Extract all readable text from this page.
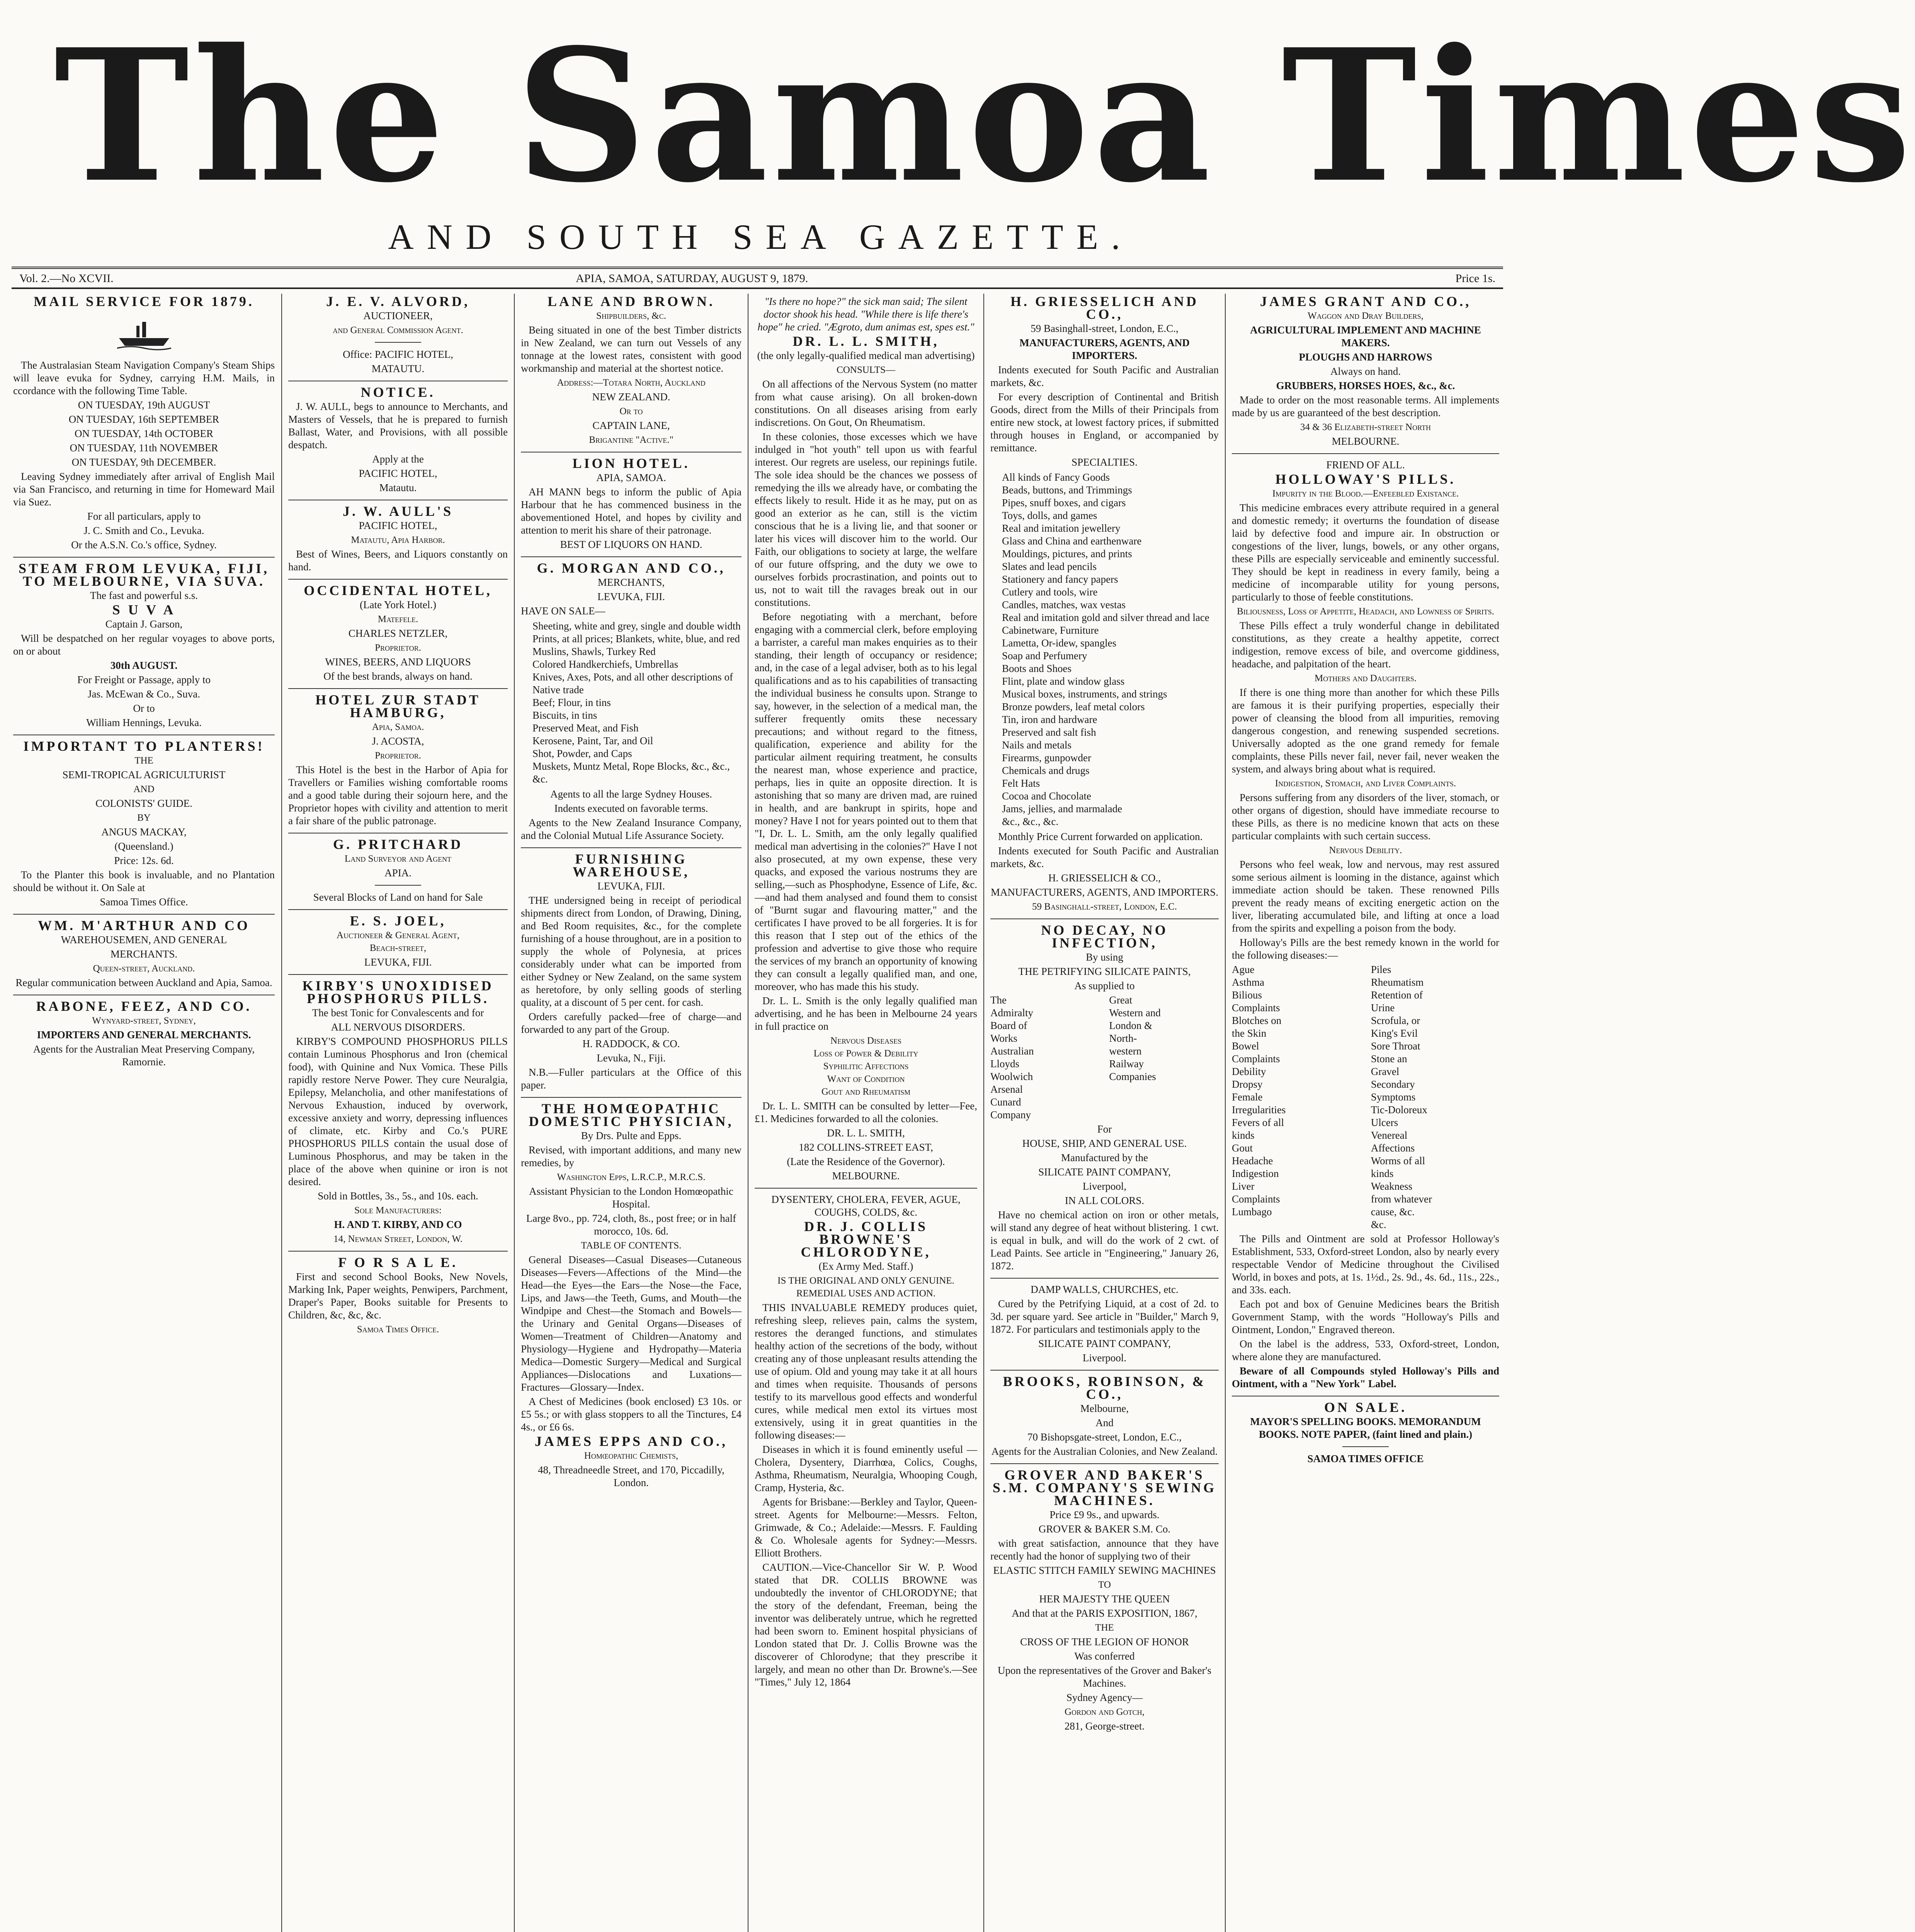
The Samoa Times
AND SOUTH SEA GAZETTE.
Vol. 2.—No XCVII.	APIA, SAMOA, SATURDAY, AUGUST 9, 1879.	Price 1s.
MAIL SERVICE FOR 1879.
The Australasian Steam Navigation Company's Steam Ships will leave evuka for Sydney, carrying H.M. Mails, in ccordance with the following Time Table.
ON TUESDAY, 19th AUGUST
ON TUESDAY, 16th SEPTEMBER
ON TUESDAY, 14th OCTOBER
ON TUESDAY, 11th NOVEMBER
ON TUESDAY, 9th DECEMBER.
Leaving Sydney immediately after arrival of English Mail via San Francisco, and returning in time for Homeward Mail via Suez.
For all particulars, apply to
J. C. Smith and Co., Levuka.
Or the A.S.N. Co.'s office, Sydney.
STEAM FROM LEVUKA, FIJI, TO MELBOURNE, VIA SUVA.
The fast and powerful s.s.
S U V A
Captain J. Garson,
Will be despatched on her regular voyages to above ports, on or about
30th AUGUST.
For Freight or Passage, apply to
Jas. McEwan & Co., Suva.
Or to
William Hennings, Levuka.
IMPORTANT TO PLANTERS!
THE
SEMI-TROPICAL AGRICULTURIST
AND
COLONISTS' GUIDE.
BY
ANGUS MACKAY,
(Queensland.)
Price: 12s. 6d.
To the Planter this book is invaluable, and no Plantation should be without it. On Sale at
Samoa Times Office.
WM. M'ARTHUR AND CO
WAREHOUSEMEN, AND GENERAL
MERCHANTS.
Queen-street, Auckland.
Regular communication between Auckland and Apia, Samoa.
RABONE, FEEZ, AND CO.
Wynyard-street, Sydney,
IMPORTERS AND GENERAL MERCHANTS.
Agents for the Australian Meat Preserving Company, Ramornie.
J. E. V. ALVORD,
AUCTIONEER,
and General Commission Agent.
Office: PACIFIC HOTEL,
MATAUTU.
NOTICE.
J. W. AULL, begs to announce to Merchants, and Masters of Vessels, that he is prepared to furnish Ballast, Water, and Provisions, with all possible despatch.
Apply at the
PACIFIC HOTEL,
Matautu.
J. W. AULL'S
PACIFIC HOTEL,
Matautu, Apia Harbor.
Best of Wines, Beers, and Liquors constantly on hand.
OCCIDENTAL HOTEL,
(Late York Hotel.)
Matefele.
CHARLES NETZLER,
Proprietor.
WINES, BEERS, AND LIQUORS
Of the best brands, always on hand.
HOTEL ZUR STADT HAMBURG,
Apia, Samoa.
J. ACOSTA,
Proprietor.
This Hotel is the best in the Harbor of Apia for Travellers or Families wishing comfortable rooms and a good table during their sojourn here, and the Proprietor hopes with civility and attention to merit a fair share of the public patronage.
G. PRITCHARD
Land Surveyor and Agent
APIA.
Several Blocks of Land on hand for Sale
E. S. JOEL,
Auctioneer & General Agent,
Beach-street,
LEVUKA, FIJI.
KIRBY'S UNOXIDISED PHOSPHORUS PILLS.
The best Tonic for Convalescents and for
ALL NERVOUS DISORDERS.
KIRBY'S COMPOUND PHOSPHORUS PILLS contain Luminous Phosphorus and Iron (chemical food), with Quinine and Nux Vomica. These Pills rapidly restore Nerve Power. They cure Neuralgia, Epilepsy, Melancholia, and other manifestations of Nervous Exhaustion, induced by overwork, excessive anxiety and worry, depressing influences of climate, etc. Kirby and Co.'s PURE PHOSPHORUS PILLS contain the usual dose of Luminous Phosphorus, and may be taken in the place of the above when quinine or iron is not desired.
Sold in Bottles, 3s., 5s., and 10s. each.
Sole Manufacturers:
H. AND T. KIRBY, AND CO
14, Newman Street, London, W.
F O R S A L E.
First and second School Books, New Novels, Marking Ink, Paper weights, Penwipers, Parchment, Draper's Paper, Books suitable for Presents to Children, &c, &c, &c.
Samoa Times Office.
LANE AND BROWN.
Shipbuilders, &c.
Being situated in one of the best Timber districts in New Zealand, we can turn out Vessels of any tonnage at the lowest rates, consistent with good workmanship and material at the shortest notice.
Address:—Totara North, Auckland
NEW ZEALAND.
Or to
CAPTAIN LANE,
Brigantine "Active."
LION HOTEL.
APIA, SAMOA.
AH MANN begs to inform the public of Apia Harbour that he has commenced business in the abovementioned Hotel, and hopes by civility and attention to merit his share of their patronage.
BEST OF LIQUORS ON HAND.
G. MORGAN AND CO.,
MERCHANTS,
LEVUKA, FIJI.
HAVE ON SALE—
Sheeting, white and grey, single and double width
Prints, at all prices; Blankets, white, blue, and red
Muslins, Shawls, Turkey Red
Colored Handkerchiefs, Umbrellas
Knives, Axes, Pots, and all other descriptions of Native trade
Beef; Flour, in tins
Biscuits, in tins
Preserved Meat, and Fish
Kerosene, Paint, Tar, and Oil
Shot, Powder, and Caps
Muskets, Muntz Metal, Rope Blocks, &c., &c., &c.
Agents to all the large Sydney Houses.
Indents executed on favorable terms.
Agents to the New Zealand Insurance Company, and the Colonial Mutual Life Assurance Society.
FURNISHING WAREHOUSE,
LEVUKA, FIJI.
THE undersigned being in receipt of periodical shipments direct from London, of Drawing, Dining, and Bed Room requisites, &c., for the complete furnishing of a house throughout, are in a position to supply the whole of Polynesia, at prices considerably under what can be imported from either Sydney or New Zealand, on the same system as heretofore, by only selling goods of sterling quality, at a discount of 5 per cent. for cash.
Orders carefully packed—free of charge—and forwarded to any part of the Group.
H. RADDOCK, & CO.
Levuka, N., Fiji.
N.B.—Fuller particulars at the Office of this paper.
THE HOMŒOPATHIC DOMESTIC PHYSICIAN,
By Drs. Pulte and Epps.
Revised, with important additions, and many new remedies, by
Washington Epps, L.R.C.P., M.R.C.S.
Assistant Physician to the London Homœopathic Hospital.
Large 8vo., pp. 724, cloth, 8s., post free; or in half morocco, 10s. 6d.
TABLE OF CONTENTS.
General Diseases—Casual Diseases—Cutaneous Diseases—Fevers—Affections of the Mind—the Head—the Eyes—the Ears—the Nose—the Face, Lips, and Jaws—the Teeth, Gums, and Mouth—the Windpipe and Chest—the Stomach and Bowels—the Urinary and Genital Organs—Diseases of Women—Treatment of Children—Anatomy and Physiology—Hygiene and Hydropathy—Materia Medica—Domestic Surgery—Medical and Surgical Appliances—Dislocations and Luxations—Fractures—Glossary—Index.
A Chest of Medicines (book enclosed) £3 10s. or £5 5s.; or with glass stoppers to all the Tinctures, £4 4s., or £6 6s.
JAMES EPPS AND CO.,
Homœopathic Chemists,
48, Threadneedle Street, and 170, Piccadilly, London.
"Is there no hope?" the sick man said; The silent doctor shook his head. "While there is life there's hope" he cried. "Ægroto, dum animas est, spes est."
DR. L. L. SMITH,
(the only legally-qualified medical man advertising)
CONSULTS—
On all affections of the Nervous System (no matter from what cause arising). On all broken-down constitutions. On all diseases arising from early indiscretions. On Gout, On Rheumatism.
In these colonies, those excesses which we have indulged in "hot youth" tell upon us with fearful interest. Our regrets are useless, our repinings futile. The sole idea should be the chances we possess of remedying the ills we already have, or combating the effects likely to result. Hide it as he may, put on as good an exterior as he can, still is the victim conscious that he is a living lie, and that sooner or later his vices will discover him to the world. Our Faith, our obligations to society at large, the welfare of our future offspring, and the duty we owe to ourselves forbids procrastination, and points out to us, not to wait till the ravages break out in our constitutions.
Before negotiating with a merchant, before engaging with a commercial clerk, before employing a barrister, a careful man makes enquiries as to their standing, their length of occupancy or residence; and, in the case of a legal adviser, both as to his legal qualifications and as to his capabilities of transacting the individual business he consults upon. Strange to say, however, in the selection of a medical man, the sufferer frequently omits these necessary precautions; and without regard to the fitness, qualification, experience and ability for the particular ailment requiring treatment, he consults the nearest man, whose experience and practice, perhaps, lies in quite an opposite direction. It is astonishing that so many are driven mad, are ruined in health, and are bankrupt in spirits, hope and money? Have I not for years pointed out to them that "I, Dr. L. L. Smith, am the only legally qualified medical man advertising in the colonies?" Have I not also prosecuted, at my own expense, these very quacks, and exposed the various nostrums they are selling,—such as Phosphodyne, Essence of Life, &c.—and had them analysed and found them to consist of "Burnt sugar and flavouring matter," and the certificates I have proved to be all forgeries. It is for this reason that I step out of the ethics of the profession and advertise to give those who require the services of my branch an opportunity of knowing they can consult a legally qualified man, and one, moreover, who has made this his study.
Dr. L. L. Smith is the only legally qualified man advertising, and he has been in Melbourne 24 years in full practice on
Nervous Diseases
Loss of Power & Debility
Syphilitic Affections
Want of Condition
Gout and Rheumatism
Dr. L. L. SMITH can be consulted by letter—Fee, £1. Medicines forwarded to all the colonies.
DR. L. L. SMITH,
182 COLLINS-STREET EAST,
(Late the Residence of the Governor).
MELBOURNE.
DYSENTERY, CHOLERA, FEVER, AGUE, COUGHS, COLDS, &c.
DR. J. COLLIS BROWNE'S CHLORODYNE,
(Ex Army Med. Staff.)
IS THE ORIGINAL AND ONLY GENUINE.
REMEDIAL USES AND ACTION.
THIS INVALUABLE REMEDY produces quiet, refreshing sleep, relieves pain, calms the system, restores the deranged functions, and stimulates healthy action of the secretions of the body, without creating any of those unpleasant results attending the use of opium. Old and young may take it at all hours and times when requisite. Thousands of persons testify to its marvellous good effects and wonderful cures, while medical men extol its virtues most extensively, using it in great quantities in the following diseases:—
Diseases in which it is found eminently useful — Cholera, Dysentery, Diarrhœa, Colics, Coughs, Asthma, Rheumatism, Neuralgia, Whooping Cough, Cramp, Hysteria, &c.
Agents for Brisbane:—Berkley and Taylor, Queen-street. Agents for Melbourne:—Messrs. Felton, Grimwade, & Co.; Adelaide:—Messrs. F. Faulding & Co. Wholesale agents for Sydney:—Messrs. Elliott Brothers.
CAUTION.—Vice-Chancellor Sir W. P. Wood stated that DR. COLLIS BROWNE was undoubtedly the inventor of CHLORODYNE; that the story of the defendant, Freeman, being the inventor was deliberately untrue, which he regretted had been sworn to. Eminent hospital physicians of London stated that Dr. J. Collis Browne was the discoverer of Chlorodyne; that they prescribe it largely, and mean no other than Dr. Browne's.—See "Times," July 12, 1864
H. GRIESSELICH AND CO.,
59 Basinghall-street, London, E.C.,
MANUFACTURERS, AGENTS, AND IMPORTERS.
Indents executed for South Pacific and Australian markets, &c.
For every description of Continental and British Goods, direct from the Mills of their Principals from entire new stock, at lowest factory prices, if submitted through houses in England, or accompanied by remittance.
SPECIALTIES.
All kinds of Fancy Goods
Beads, buttons, and Trimmings
Pipes, snuff boxes, and cigars
Toys, dolls, and games
Real and imitation jewellery
Glass and China and earthenware
Mouldings, pictures, and prints
Slates and lead pencils
Stationery and fancy papers
Cutlery and tools, wire
Candles, matches, wax vestas
Real and imitation gold and silver thread and lace
Cabinetware, Furniture
Lametta, Or-idew, spangles
Soap and Perfumery
Boots and Shoes
Flint, plate and window glass
Musical boxes, instruments, and strings
Bronze powders, leaf metal colors
Tin, iron and hardware
Preserved and salt fish
Nails and metals
Firearms, gunpowder
Chemicals and drugs
Felt Hats
Cocoa and Chocolate
Jams, jellies, and marmalade
&c., &c., &c.
Monthly Price Current forwarded on application.
Indents executed for South Pacific and Australian markets, &c.
H. GRIESSELICH & CO.,
MANUFACTURERS, AGENTS, AND IMPORTERS.
59 Basinghall-street, London, E.C.
NO DECAY, NO INFECTION,
By using
THE PETRIFYING SILICATE PAINTS,
As supplied to
The Admiralty
Board of Works
Australian Lloyds
Woolwich Arsenal
Cunard Company
Great Western and
London & North-
western Railway
Companies
For
HOUSE, SHIP, AND GENERAL USE.
Manufactured by the
SILICATE PAINT COMPANY,
Liverpool,
IN ALL COLORS.
Have no chemical action on iron or other metals, will stand any degree of heat without blistering. 1 cwt. is equal in bulk, and will do the work of 2 cwt. of Lead Paints. See article in "Engineering," January 26, 1872.
DAMP WALLS, CHURCHES, etc.
Cured by the Petrifying Liquid, at a cost of 2d. to 3d. per square yard. See article in "Builder," March 9, 1872. For particulars and testimonials apply to the
SILICATE PAINT COMPANY,
Liverpool.
BROOKS, ROBINSON, & CO.,
Melbourne,
And
70 Bishopsgate-street, London, E.C.,
Agents for the Australian Colonies, and New Zealand.
GROVER AND BAKER'S S.M. COMPANY'S SEWING MACHINES.
Price £9 9s., and upwards.
GROVER & BAKER S.M. Co.
with great satisfaction, announce that they have recently had the honor of supplying two of their
ELASTIC STITCH FAMILY SEWING MACHINES
TO
HER MAJESTY THE QUEEN
And that at the PARIS EXPOSITION, 1867,
THE
CROSS OF THE LEGION OF HONOR
Was conferred
Upon the representatives of the Grover and Baker's Machines.
Sydney Agency—
Gordon and Gotch,
281, George-street.
JAMES GRANT AND CO.,
Waggon and Dray Builders,
AGRICULTURAL IMPLEMENT AND MACHINE MAKERS.
PLOUGHS AND HARROWS
Always on hand.
GRUBBERS, HORSES HOES, &c., &c.
Made to order on the most reasonable terms. All implements made by us are guaranteed of the best description.
34 & 36 Elizabeth-street North
MELBOURNE.
FRIEND OF ALL.
HOLLOWAY'S PILLS.
Impurity in the Blood.—Enfeebled Existance.
This medicine embraces every attribute required in a general and domestic remedy; it overturns the foundation of disease laid by defective food and impure air. In obstruction or congestions of the liver, lungs, bowels, or any other organs, these Pills are especially serviceable and eminently successful. They should be kept in readiness in every family, being a medicine of incomparable utility for young persons, particularly to those of feeble constitutions.
Biliousness, Loss of Appetite, Headach, and Lowness of Spirits.
These Pills effect a truly wonderful change in debilitated constitutions, as they create a healthy appetite, correct indigestion, remove excess of bile, and overcome giddiness, headache, and palpitation of the heart.
Mothers and Daughters.
If there is one thing more than another for which these Pills are famous it is their purifying properties, especially their power of cleansing the blood from all impurities, removing dangerous congestion, and renewing suspended secretions. Universally adopted as the one grand remedy for female complaints, these Pills never fail, never fail, never weaken the system, and always bring about what is required.
Indigestion, Stomach, and Liver Complaints.
Persons suffering from any disorders of the liver, stomach, or other organs of digestion, should have immediate recourse to these Pills, as there is no medicine known that acts on these particular complaints with such certain success.
Nervous Debility.
Persons who feel weak, low and nervous, may rest assured some serious ailment is looming in the distance, against which immediate action should be taken. These renowned Pills prevent the ready means of exciting energetic action on the liver, liberating accumulated bile, and lifting at once a load from the spirits and expelling a poison from the body.
Holloway's Pills are the best remedy known in the world for the following diseases:—
Ague
Asthma
Bilious Complaints
Blotches on the Skin
Bowel Complaints
Debility
Dropsy
Female Irregularities
Fevers of all kinds
Gout
Headache
Indigestion
Liver Complaints
Lumbago
Piles
Rheumatism
Retention of Urine
Scrofula, or King's Evil
Sore Throat
Stone an Gravel
Secondary Symptoms
Tic-Doloreux
Ulcers
Venereal Affections
Worms of all kinds
Weakness from whatever cause, &c. &c.
The Pills and Ointment are sold at Professor Holloway's Establishment, 533, Oxford-street London, also by nearly every respectable Vendor of Medicine throughout the Civilised World, in boxes and pots, at 1s. 1½d., 2s. 9d., 4s. 6d., 11s., 22s., and 33s. each.
Each pot and box of Genuine Medicines bears the British Government Stamp, with the words "Holloway's Pills and Ointment, London," Engraved thereon.
On the label is the address, 533, Oxford-street, London, where alone they are manufactured.
Beware of all Compounds styled Holloway's Pills and Ointment, with a "New York" Label.
ON SALE.
MAYOR'S SPELLING BOOKS. MEMORANDUM BOOKS. NOTE PAPER, (faint lined and plain.)
SAMOA TIMES OFFICE
